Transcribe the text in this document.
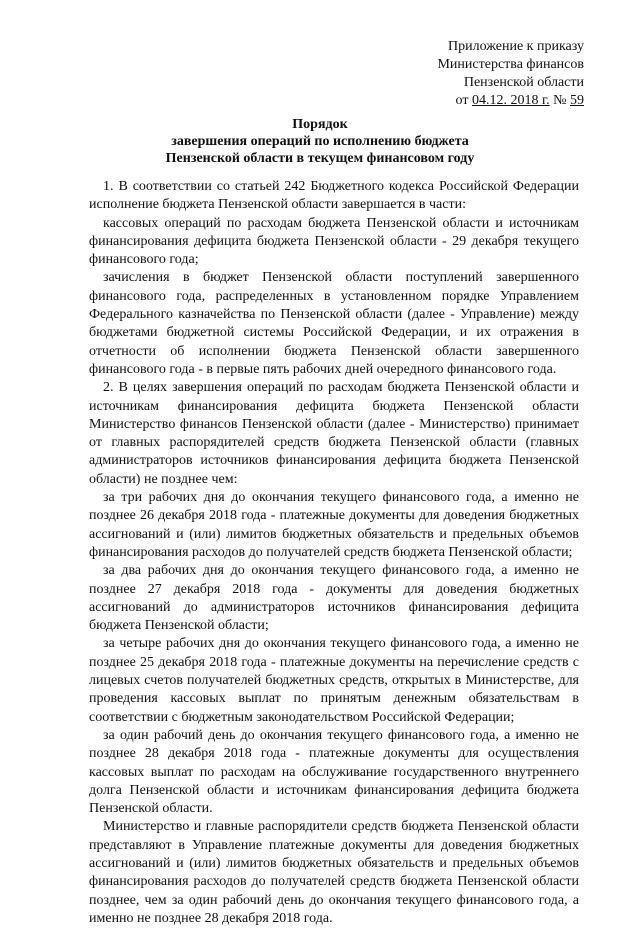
Приложение к приказу
Министерства финансов
Пензенской области
от 04.12. 2018 г. № 59
Порядок
завершения операций по исполнению бюджета
Пензенской области в текущем финансовом году

1. В соответствии со статьей 242 Бюджетного кодекса Российской Федерации исполнение бюджета Пензенской области завершается в части:

кассовых операций по расходам бюджета Пензенской области и источникам финансирования дефицита бюджета Пензенской области - 29 декабря текущего финансового года;

зачисления в бюджет Пензенской области поступлений завершенного финансового года, распределенных в установленном порядке Управлением Федерального казначейства по Пензенской области (далее - Управление) между бюджетами бюджетной системы Российской Федерации, и их отражения в отчетности об исполнении бюджета Пензенской области завершенного финансового года - в первые пять рабочих дней очередного финансового года.

2. В целях завершения операций по расходам бюджета Пензенской области и источникам финансирования дефицита бюджета Пензенской области Министерство финансов Пензенской области (далее - Министерство) принимает от главных распорядителей средств бюджета Пензенской области (главных администраторов источников финансирования дефицита бюджета Пензенской области) не позднее чем:

за три рабочих дня до окончания текущего финансового года, а именно не позднее 26 декабря 2018 года - платежные документы для доведения бюджетных ассигнований и (или) лимитов бюджетных обязательств и предельных объемов финансирования расходов до получателей средств бюджета Пензенской области;

за два рабочих дня до окончания текущего финансового года, а именно не позднее 27 декабря 2018 года - документы для доведения бюджетных ассигнований до администраторов источников финансирования дефицита бюджета Пензенской области;

за четыре рабочих дня до окончания текущего финансового года, а именно не позднее 25 декабря 2018 года - платежные документы на перечисление средств с лицевых счетов получателей бюджетных средств, открытых в Министерстве, для проведения кассовых выплат по принятым денежным обязательствам в соответствии с бюджетным законодательством Российской Федерации;

за один рабочий день до окончания текущего финансового года, а именно не позднее 28 декабря 2018 года - платежные документы для осуществления кассовых выплат по расходам на обслуживание государственного внутреннего долга Пензенской области и источникам финансирования дефицита бюджета Пензенской области.

Министерство и главные распорядители средств бюджета Пензенской области представляют в Управление платежные документы для доведения бюджетных ассигнований и (или) лимитов бюджетных обязательств и предельных объемов финансирования расходов до получателей средств бюджета Пензенской области позднее, чем за один рабочий день до окончания текущего финансового года, а именно не позднее 28 декабря 2018 года.
